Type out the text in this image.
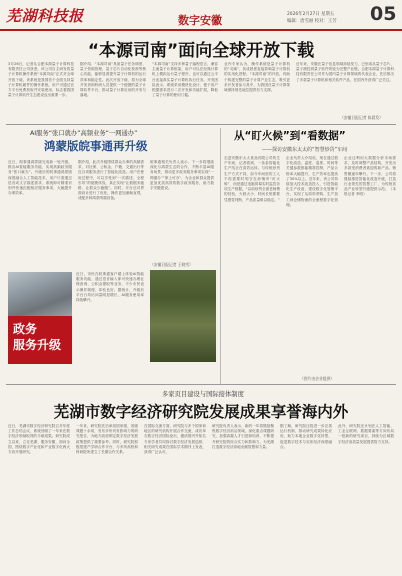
芜湖科技报	数字安徽	2026年2月27日 星期五
编辑：唐雪丽 校对：王芳 05
“本源司南”面向全球开放下载
3月26日，记者从合肥本源量子计算科技有限责任公司获悉，该公司自主研发的量子计算机操作系统“本源司南”正式对全球开放下载。该系统是我国首个全面支持量子计算机硬件的操作系统，用户可通过官方平台免费获取并安装使用，标志着我国量子计算软件生态建设迈出重要一步。
据介绍，“本源司南”具备量子任务调度、量子资源管理、量子芯片自动化校准等核心功能，能够显著提升量子计算机的运行效率和稳定性。此次开放下载，将为全球开发者和科研人员提供一个便捷的量子计算软件平台，推动量子计算应用的开发与落地。
“本源司南”支持多种量子编程语言，兼容主流量子计算框架，用户可以在经典计算机上模拟运行量子程序，也可以通过云平台连接真实量子计算机执行任务。开发团队表示，系统采用模块化设计，便于用户根据需求进行二次开发和功能扩展，降低了量子计算的使用门槛。
业内专家认为，操作系统是量子计算机的“灵魂”，其成熟度直接影响量子计算机的实用化进程。“本源司南”的开放，有助于构建完整的量子计算产业生态，吸引更多开发者参与其中，为我国在量子计算领域保持领先地位提供有力支撑。
近年来，安徽在量子信息领域持续发力，已形成从量子芯片、量子测控到量子软件的较为完整产业链。合肥本源量子计算科技有限责任公司作为国内量子计算领域的代表企业，先后推出了多款量子计算机和相关软件产品，在国内外获得广泛关注。
（安徽日报记者 陈晨发）
AI服务“张口就办”高频业务“一网通办”
鸿蒙版皖事通再升级
近日，皖事通鸿蒙版完成新一轮升级，推出AI智能服务功能，实现高频政务服务“张口就办”。升级后的皖事通鸿蒙版深度融合人工智能技术，用户只需通过语音或文字描述需求，系统即可精准识别并快速匹配相应服务事项，大幅提升办事效率。
据介绍，此次升级围绕群众办事的高频需求，对社保、公积金、户籍、交通出行等近百项服务进行了智能化改造。用户在使用过程中，可以享受到“一次描述、全程引导”的便捷体验，真正实现“让数据多跑路、让群众少跑腿”。同时，平台还对界面设计进行了优化，操作更加流畅直观，适配多种鸿蒙终端设备。
皖事通相关负责人表示，下一步将继续深化与鸿蒙生态的合作，不断丰富AI服务场景，推动更多政务服务事项实现“一网通办”“掌上可办”，为企业和群众提供更加优质高效的数字政务服务，助力数字安徽建设。
（安徽日报记者 王晓雪）
政务
服务升级
近日，市民在皖事通客户端上体验AI智能服务功能，通过语音输入即可快速办理社保查询、公积金提取等业务，不少市民表示操作简便、体验良好。据统计，升级后平台日均访问量明显增长，AI服务使用率持续攀升。
从“盯火候”到“看数据”
——探访安徽东太太的“智慧炒货”车间
走进安徽东太太食品有限公司的生产车间，记者看到，一条条智能化生产线正在高效运转。与传统炒货生产方式不同，如今车间里的工人不再需要时刻守在炒锅旁“盯火候”，而是通过电脑屏幕实时监控各项生产数据。“以前炒货全靠老师傅的经验，火候大小、时间长短都要凭感觉判断，产品质量难以稳定。”
企业负责人介绍说，现在通过数字化改造，温度、湿度、时间等关键参数都能精准控制，产品合格率大幅提升，生产效率也提高了30%以上。近年来，该公司持续加大技术改造投入，引进智能化生产设备，建设数字化管理平台，实现了从原料采购、生产加工到仓储物流的全流程数字化管理。
企业还利用大数据分析市场需求，及时调整产品结构，开发出多款受消费者欢迎的新产品，销售额逐年攀升。下一步，公司将继续推进智能化改造升级，打造行业领先的智慧工厂，为传统食品产业转型升级提供示范。（本报记者 李明）
（图片由企业提供）
多家页目建设与国际接体制度
芜湖市数字经济研究院发展成果享誉海内外
近日，芜湖市数字经济研究院召开年度工作总结会议，系统回顾了一年来在数字经济领域取得的丰硕成果。研究院成立以来，立足芜湖、服务安徽、面向全国，围绕数字产业化和产业数字化两大方向开展研究。
一年来，研究院先后承担国家级、省级课题十余项，发布多份具有影响力的研究报告，为地方政府制定数字经济发展政策提供了重要参考。同时，研究院积极搭建产学研合作平台，与多所高校和科研院所建立了长期合作关系。
在国际交流方面，研究院与多个国家和地区的研究机构开展合作交流，成功举办数字经济国际论坛，邀请国内外知名专家学者共同探讨数字经济发展趋势，相关研究成果在国际学术期刊上发表，获得广泛认可。
研究院负责人表示，新的一年将继续聚焦数字经济前沿领域，深化重点课题研究，加强高端人才引进和培养，不断提升研究院的综合实力和影响力，为芜湖打造数字经济高地贡献智慧和力量。
据了解，研究院还将进一步完善运行机制，推动研究成果转化应用，助力本地企业数字化转型，促进数字技术与实体经济深度融合。
此外，研究院还计划在人工智能、工业互联网、数据要素等方向布局一批新的研究项目，持续为区域数字经济高质量发展提供智力支持。
